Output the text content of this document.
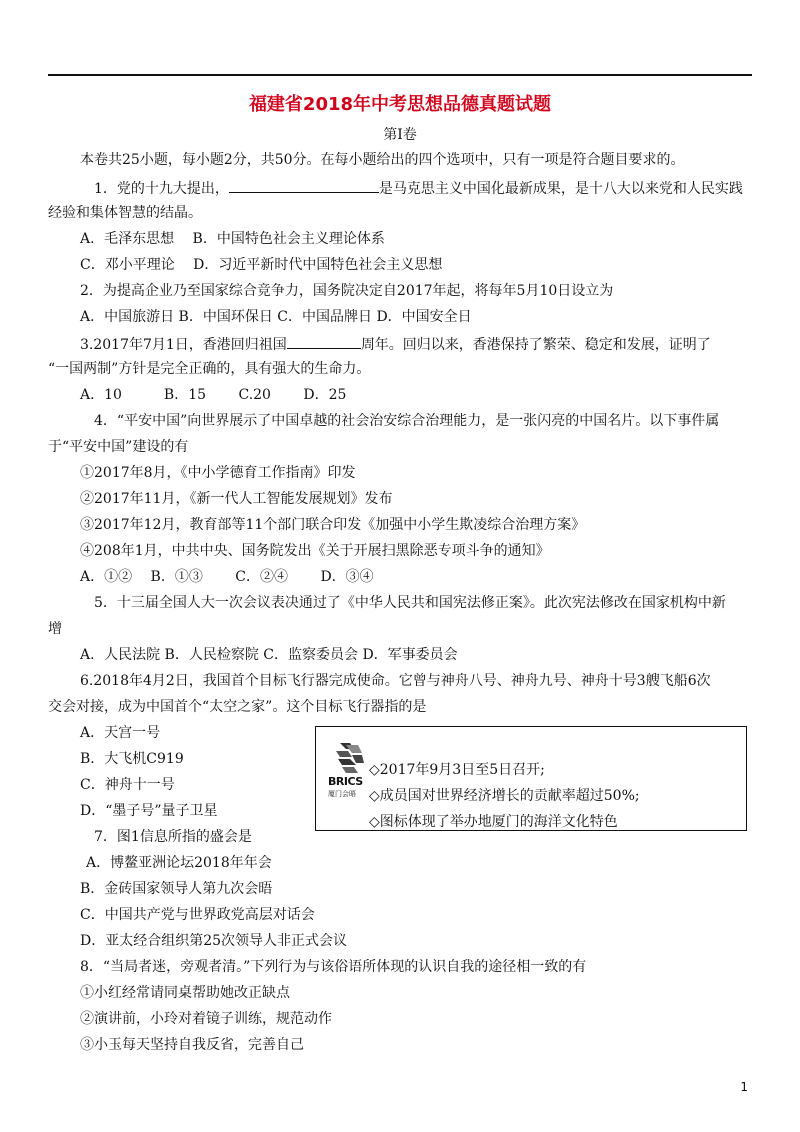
福建省2018年中考思想品德真题试题
第Ⅰ卷
本卷共25小题，每小题2分，共50分。在每小题给出的四个选项中，只有一项是符合题目要求的。
1．党的十九大提出，	是马克思主义中国化最新成果，是十八大以来党和人民实践
经验和集体智慧的结晶。
A．毛泽东思想　 B．中国特色社会主义理论体系
C．邓小平理论　 D．习近平新时代中国特色社会主义思想
2．为提高企业乃至国家综合竞争力，国务院决定自2017年起，将每年5月10日设立为
A．中国旅游日 B．中国环保日 C．中国品牌日 D．中国安全日
3.2017年7月1日，香港回归祖国	周年。回归以来，香港保持了繁荣、稳定和发展，证明了
“一国两制”方针是完全正确的，具有强大的生命力。
A．10　　　B．15　　 C.20　　 D．25
4．“平安中国”向世界展示了中国卓越的社会治安综合治理能力，是一张闪亮的中国名片。以下事件属
于“平安中国”建设的有
①2017年8月，《中小学德育工作指南》印发
②2017年11月，《新一代人工智能发展规划》发布
③2017年12月，教育部等11个部门联合印发《加强中小学生欺凌综合治理方案》
④208年1月，中共中央、国务院发出《关于开展扫黑除恶专项斗争的通知》
A．①②　 B．①③　　 C．②④　　 D．③④
5．十三届全国人大一次会议表决通过了《中华人民共和国宪法修正案》。此次宪法修改在国家机构中新
增
A．人民法院 B．人民检察院 C．监察委员会 D．军事委员会
6.2018年4月2日，我国首个目标飞行器完成使命。它曾与神舟八号、神舟九号、神舟十号3艘飞船6次
交会对接，成为中国首个“太空之家”。这个目标飞行器指的是
A．天宫一号
B．大飞机C919
C．神舟十一号
D．“墨子号”量子卫星
BRICS
厦门会晤
◇2017年9月3日至5日召开;
◇成员国对世界经济增长的贡献率超过50%;
◇图标体现了举办地厦门的海洋文化特色
7．图1信息所指的盛会是
A．博鳌亚洲论坛2018年年会
B．金砖国家领导人第九次会晤
C．中国共产党与世界政党高层对话会
D．亚太经合组织第25次领导人非正式会议
8．“当局者迷，旁观者清。”下列行为与该俗语所体现的认识自我的途径相一致的有
①小红经常请同桌帮助她改正缺点
②演讲前，小玲对着镜子训练，规范动作
③小玉每天坚持自我反省，完善自己
1
